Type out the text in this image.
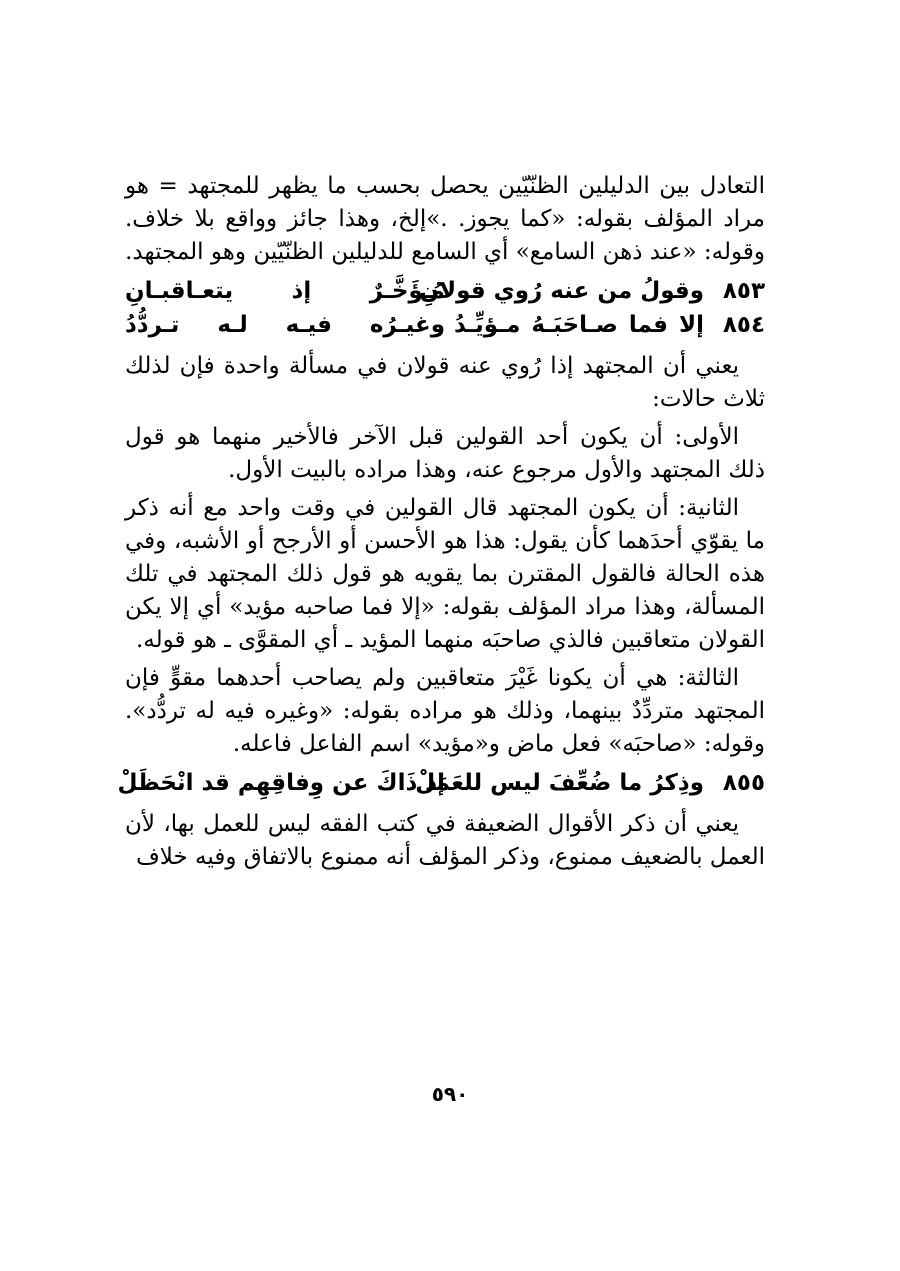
التعادل بين الدليلين الظنّيّين يحصل بحسب ما يظهر للمجتهد = هو مراد المؤلف بقوله: «كما يجوز. .»إلخ، وهذا جائز وواقع بلا خلاف. وقوله: «عند ذهن السامع» أي السامع للدليلين الظنّيّين وهو المجتهد.

٨٥٣
وقولُ من عنه رُوي قولانِ
مُـؤَخَّـرٌ إذ يتعـاقبـانِ
٨٥٤
إلا فما صـاحَبَـهُ مـؤيِّـدُ
وغيـرُه فيـه لـه تـردُّدُ

يعني أن المجتهد إذا رُوي عنه قولان في مسألة واحدة فإن لذلك ثلاث حالات:

الأولى: أن يكون أحد القولين قبل الآخر فالأخير منهما هو قول ذلك المجتهد والأول مرجوع عنه، وهذا مراده بالبيت الأول.

الثانية: أن يكون المجتهد قال القولين في وقت واحد مع أنه ذكر ما يقوّي أحدَهما كأن يقول: هذا هو الأحسن أو الأرجح أو الأشبه، وفي هذه الحالة فالقول المقترن بما يقويه هو قول ذلك المجتهد في تلك المسألة، وهذا مراد المؤلف بقوله: «إلا فما صاحبه مؤيد» أي إلا يكن القولان متعاقبين فالذي صاحبَه منهما المؤيد ـ أي المقوَّى ـ هو قوله.

الثالثة: هي أن يكونا غَيْرَ متعاقبين ولم يصاحب أحدهما مقوٍّ فإن المجتهد متردِّدٌ بينهما، وذلك هو مراده بقوله: «وغيره فيه له تردُّد». وقوله: «صاحبَه» فعل ماض و«مؤيد» اسم الفاعل فاعله.

٨٥٥
وذِكرُ ما ضُعِّفَ ليس للعَمَلْ
إذ ذَاكَ عن وِفاقِهِم قد انْحَظَلْ

يعني أن ذكر الأقوال الضعيفة في كتب الفقه ليس للعمل بها، لأن العمل بالضعيف ممنوع، وذكر المؤلف أنه ممنوع بالاتفاق وفيه خلاف

٥٩٠
